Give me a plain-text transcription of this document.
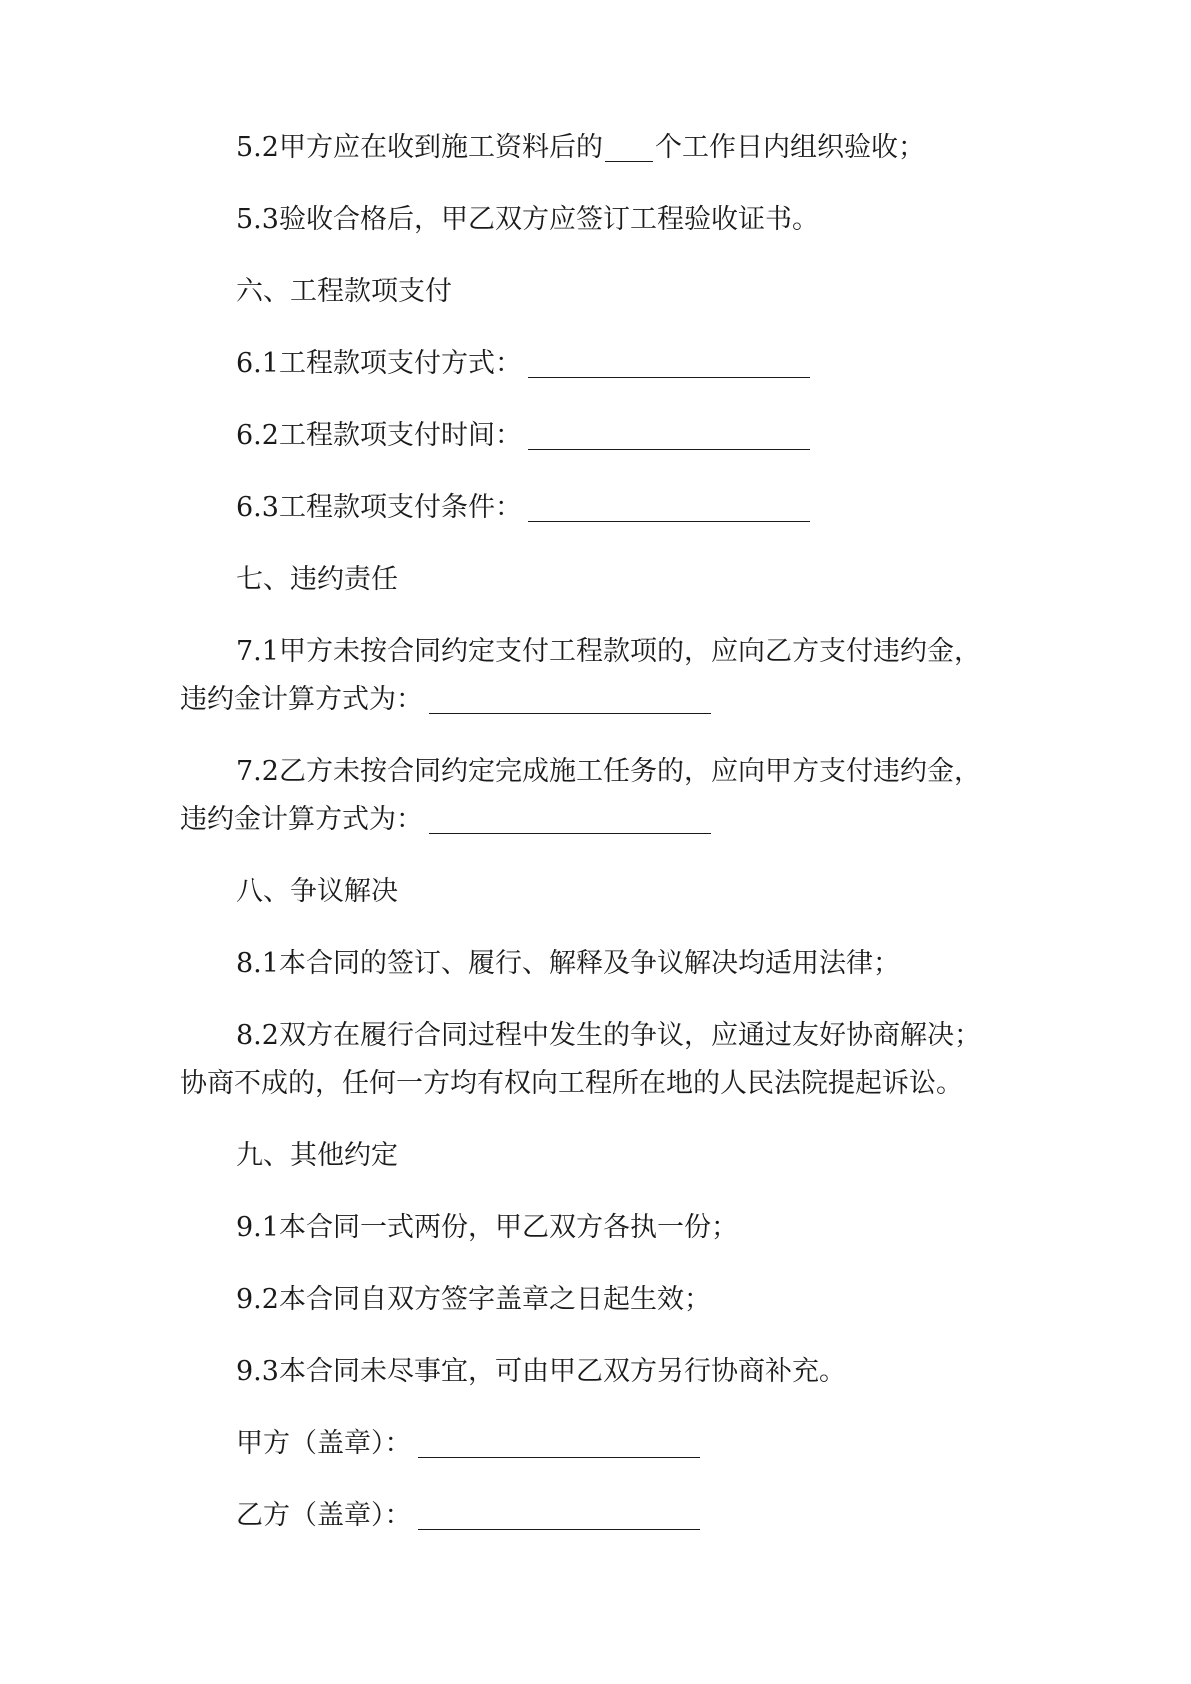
5.2甲方应在收到施工资料后的 个工作日内组织验收；

5.3验收合格后，甲乙双方应签订工程验收证书。

六、工程款项支付

6.1工程款项支付方式：

6.2工程款项支付时间：

6.3工程款项支付条件：

七、违约责任

7.1甲方未按合同约定支付工程款项的，应向乙方支付违约金，

违约金计算方式为：

7.2乙方未按合同约定完成施工任务的，应向甲方支付违约金，

违约金计算方式为：

八、争议解决

8.1本合同的签订、履行、解释及争议解决均适用法律；

8.2双方在履行合同过程中发生的争议，应通过友好协商解决；

协商不成的，任何一方均有权向工程所在地的人民法院提起诉讼。

九、其他约定

9.1本合同一式两份，甲乙双方各执一份；

9.2本合同自双方签字盖章之日起生效；

9.3本合同未尽事宜，可由甲乙双方另行协商补充。

甲方（盖章）：

乙方（盖章）：
